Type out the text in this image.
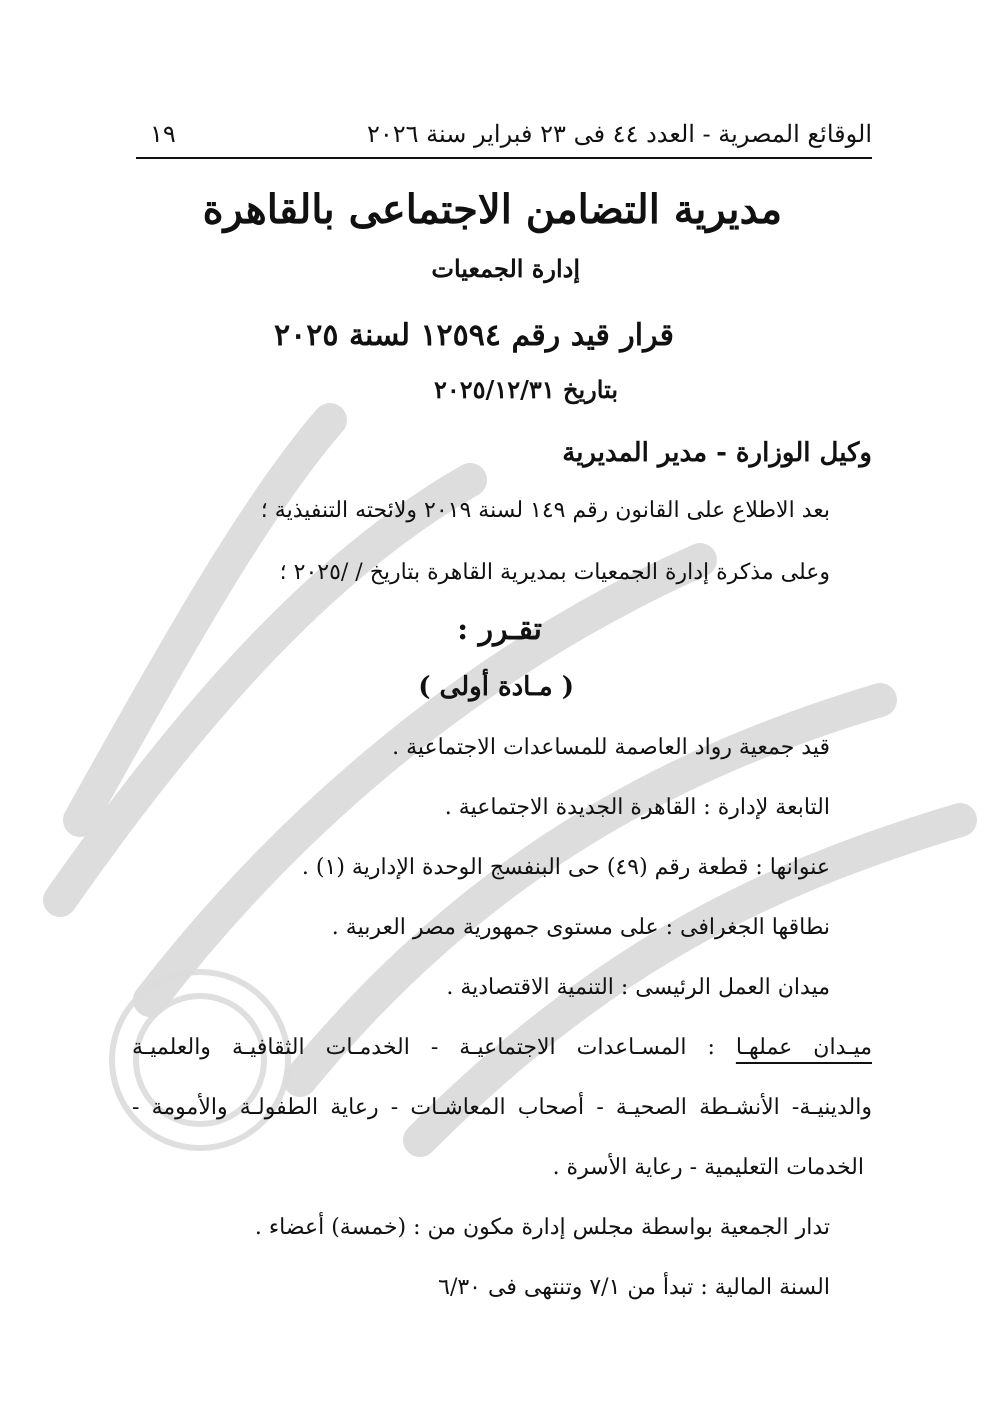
الوقائع المصرية - العدد ٤٤ فى ٢٣ فبراير سنة ٢٠٢٦
١٩
مديرية التضامن الاجتماعى بالقاهرة
إدارة الجمعيات
قرار قيد رقم ١٢٥٩٤ لسنة ٢٠٢٥
بتاريخ ٢٠٢٥/١٢/٣١
وكيل الوزارة - مدير المديرية
بعد الاطلاع على القانون رقم ١٤٩ لسنة ٢٠١٩ ولائحته التنفيذية ؛
وعلى مذكرة إدارة الجمعيات بمديرية القاهرة بتاريخ / /٢٠٢٥ ؛
تقـرر :
( مـادة أولى )
قيد جمعية رواد العاصمة للمساعدات الاجتماعية .
التابعة لإدارة : القاهرة الجديدة الاجتماعية .
عنوانها : قطعة رقم (٤٩) حى البنفسج الوحدة الإدارية (١) .
نطاقها الجغرافى : على مستوى جمهورية مصر العربية .
ميدان العمل الرئيسى : التنمية الاقتصادية .
ميـدان عملهـا : المسـاعدات الاجتماعيـة - الخدمـات الثقافيـة والعلميـة
والدينيـة- الأنشـطة الصحيـة - أصحاب المعاشـات - رعاية الطفولـة والأمومة -
الخدمات التعليمية - رعاية الأسرة .
تدار الجمعية بواسطة مجلس إدارة مكون من : (خمسة) أعضاء .
السنة المالية : تبدأ من ٧/١ وتنتهى فى ٦/٣٠
